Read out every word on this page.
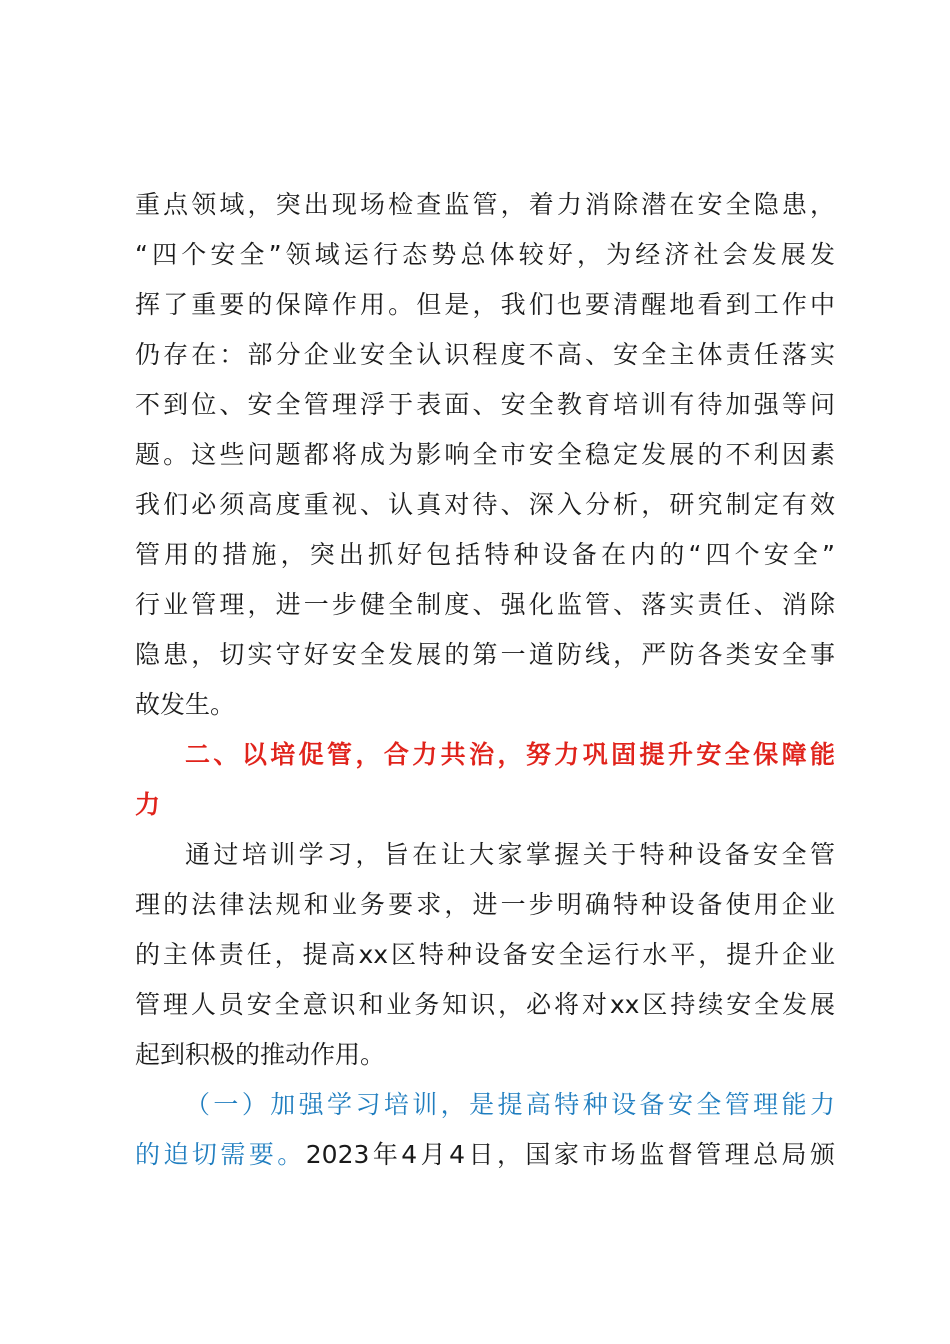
重点领域，突出现场检查监管，着力消除潜在安全隐患，
“四个安全”领域运行态势总体较好，为经济社会发展发
挥了重要的保障作用。但是，我们也要清醒地看到工作中
仍存在：部分企业安全认识程度不高、安全主体责任落实
不到位、安全管理浮于表面、安全教育培训有待加强等问
题。这些问题都将成为影响全市安全稳定发展的不利因素
我们必须高度重视、认真对待、深入分析，研究制定有效
管用的措施，突出抓好包括特种设备在内的“四个安全”
行业管理，进一步健全制度、强化监管、落实责任、消除
隐患，切实守好安全发展的第一道防线，严防各类安全事
故发生。

二、以培促管，合力共治，努力巩固提升安全保障能
力

通过培训学习，旨在让大家掌握关于特种设备安全管
理的法律法规和业务要求，进一步明确特种设备使用企业
的主体责任，提高xx区特种设备安全运行水平，提升企业
管理人员安全意识和业务知识，必将对xx区持续安全发展
起到积极的推动作用。

（一）加强学习培训，是提高特种设备安全管理能力
的迫切需要。2023年4月4日，国家市场监督管理总局颁
